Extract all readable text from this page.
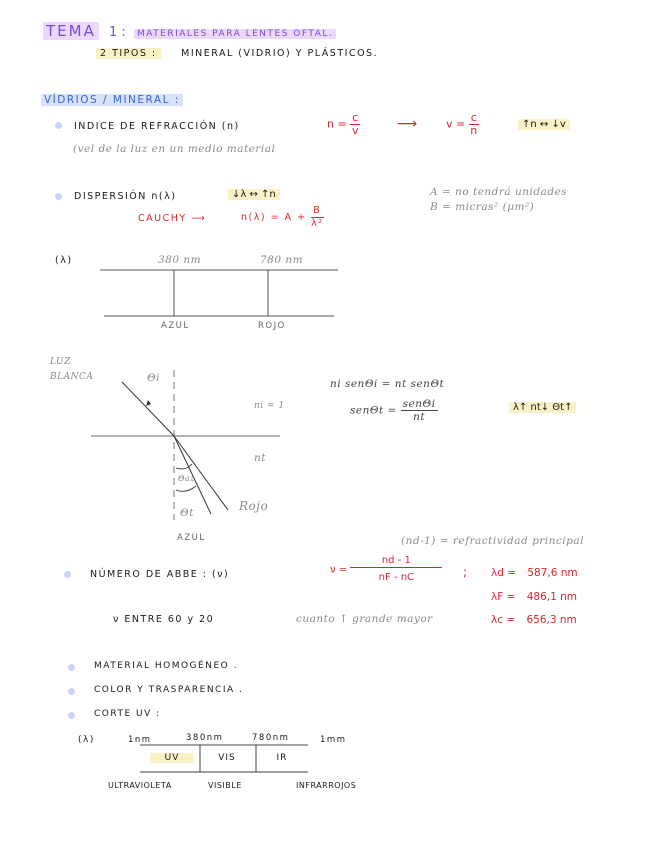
TEMA 1 : MATERIALES PARA LENTES OFTAL.
2 TIPOS :	MINERAL (VIDRIO) Y PLÁSTICOS.
VÍDRIOS / MINERAL :
INDICE DE REFRACCIÓN (n)	$n = \frac{c}{v}$	⟶	$v = \frac{c}{n}$	↑n ↔ ↓v
(vel de la luz en un medio material
DISPERSIÓN n(λ)	↓λ ↔ ↑n	A = no tendrá unidades
B = micras² (μm²)
CAUCHY ⟶	$n(\lambda) = A + \frac{B}{\text{λ²}}$
(λ)	380 nm	780 nm
AZUL	ROJO
LUZ
BLANCA	Θi
ni = 1
nt
Θaz
Θt	Rojo
AZUL
ni senΘi = nt senΘt
$sen\Theta t = \frac{\text{senΘi}}{nt}$	λ↑ nt↓ Θt↑
(nd-1) = refractividad principal
NÚMERO DE ABBE : (ν)	$\nu = \frac{nd - 1}{nF - nC}$ ; λd = 587,6 nm
λF = 486,1 nm
λc = 656,3 nm
ν ENTRE 60 y 20	cuanto ↑ grande mayor
MATERIAL HOMOGÉNEO .
COLOR Y TRASPARENCIA .
CORTE UV :
(λ)	1nm	380nm	780nm	1mm
UV	VIS	IR
ULTRAVIOLETA	VISIBLE	INFRARROJOS
